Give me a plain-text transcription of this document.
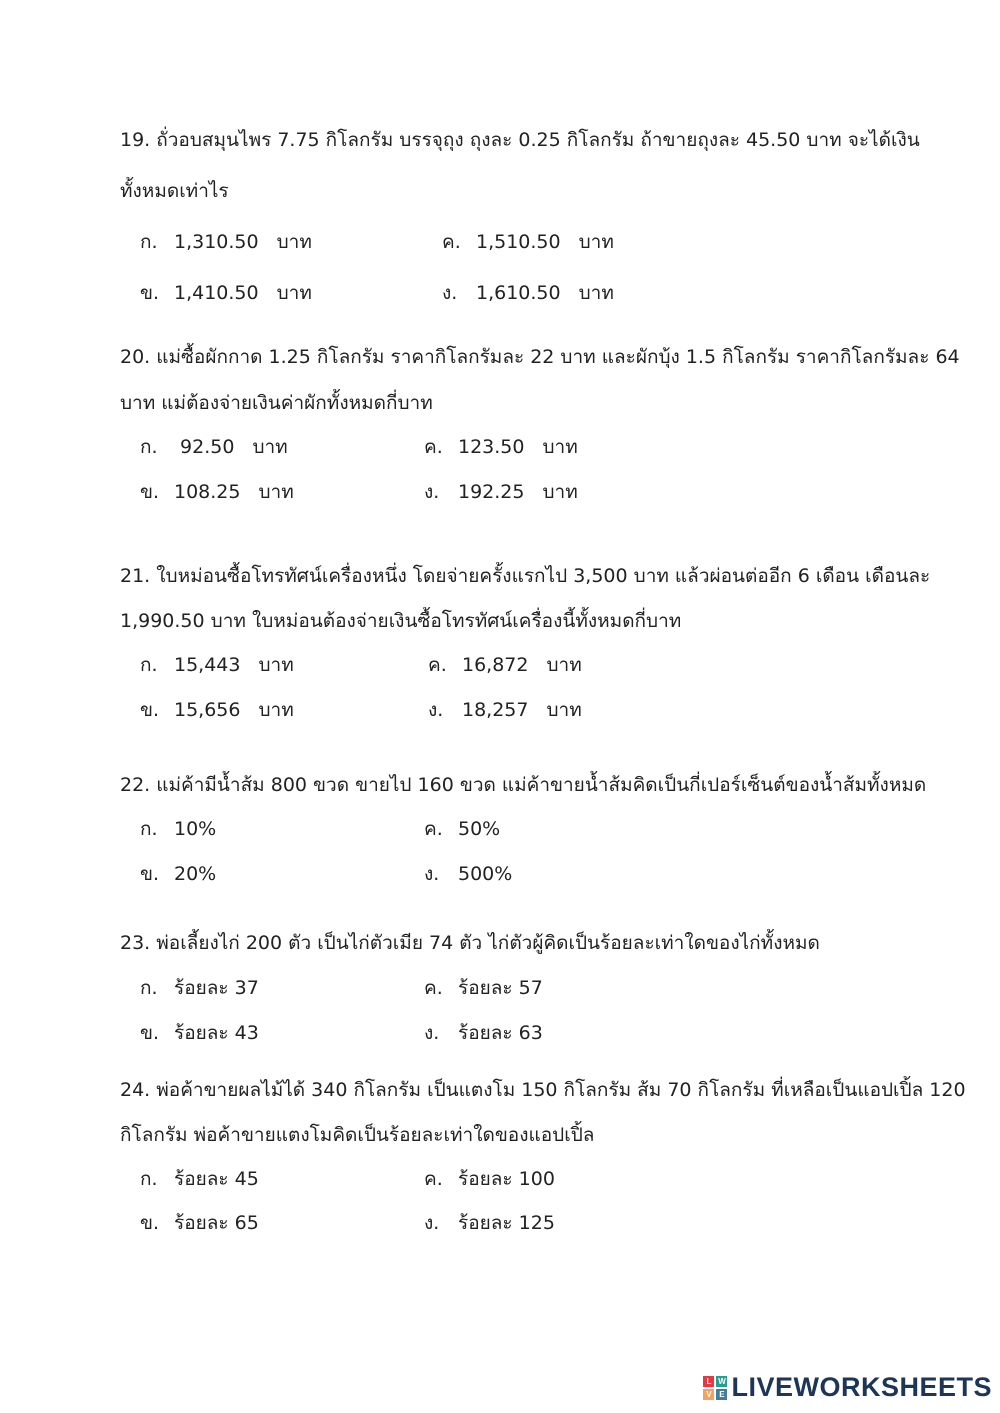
19. ถั่วอบสมุนไพร 7.75 กิโลกรัม บรรจุถุง ถุงละ 0.25 กิโลกรัม ถ้าขายถุงละ 45.50 บาท จะได้เงิน
ทั้งหมดเท่าไร
ก. 1,310.50 บาท
ข. 1,410.50 บาท
ค. 1,510.50 บาท
ง. 1,610.50 บาท
20. แม่ซื้อผักกาด 1.25 กิโลกรัม ราคากิโลกรัมละ 22 บาท และผักบุ้ง 1.5 กิโลกรัม ราคากิโลกรัมละ 64
บาท แม่ต้องจ่ายเงินค่าผักทั้งหมดกี่บาท
ก. 92.50 บาท
ข. 108.25 บาท
ค. 123.50 บาท
ง. 192.25 บาท
21. ใบหม่อนซื้อโทรทัศน์เครื่องหนึ่ง โดยจ่ายครั้งแรกไป 3,500 บาท แล้วผ่อนต่ออีก 6 เดือน เดือนละ
1,990.50 บาท ใบหม่อนต้องจ่ายเงินซื้อโทรทัศน์เครื่องนี้ทั้งหมดกี่บาท
ก. 15,443 บาท
ข. 15,656 บาท
ค. 16,872 บาท
ง. 18,257 บาท
22. แม่ค้ามีน้ำส้ม 800 ขวด ขายไป 160 ขวด แม่ค้าขายน้ำส้มคิดเป็นกี่เปอร์เซ็นต์ของน้ำส้มทั้งหมด
ก. 10%
ข. 20%
ค. 50%
ง. 500%
23. พ่อเลี้ยงไก่ 200 ตัว เป็นไก่ตัวเมีย 74 ตัว ไก่ตัวผู้คิดเป็นร้อยละเท่าใดของไก่ทั้งหมด
ก. ร้อยละ 37
ข. ร้อยละ 43
ค. ร้อยละ 57
ง. ร้อยละ 63
24. พ่อค้าขายผลไม้ได้ 340 กิโลกรัม เป็นแตงโม 150 กิโลกรัม ส้ม 70 กิโลกรัม ที่เหลือเป็นแอปเปิ้ล 120
กิโลกรัม พ่อค้าขายแตงโมคิดเป็นร้อยละเท่าใดของแอปเปิ้ล
ก. ร้อยละ 45
ข. ร้อยละ 65
ค. ร้อยละ 100
ง. ร้อยละ 125
L W
V E LIVEWORKSHEETS
